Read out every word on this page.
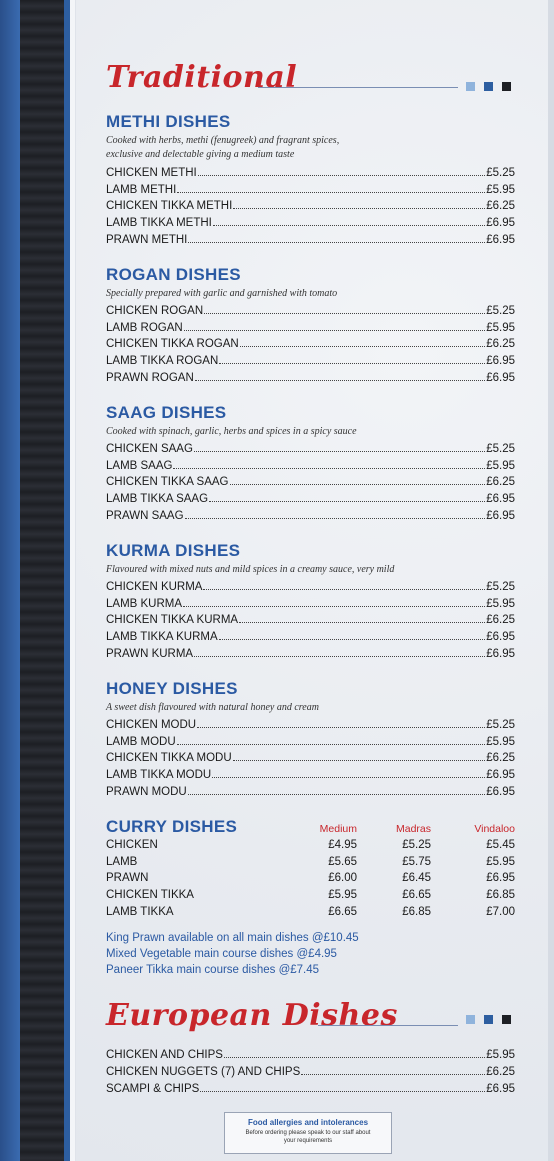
Traditional
METHI DISHES
Cooked with herbs, methi (fenugreek) and fragrant spices,
exclusive and delectable giving a medium taste
CHICKEN METHI	£5.25
LAMB METHI	£5.95
CHICKEN TIKKA METHI	£6.25
LAMB TIKKA METHI	£6.95
PRAWN METHI	£6.95
ROGAN DISHES
Specially prepared with garlic and garnished with tomato
CHICKEN ROGAN	£5.25
LAMB ROGAN	£5.95
CHICKEN TIKKA ROGAN	£6.25
LAMB TIKKA ROGAN	£6.95
PRAWN ROGAN	£6.95
SAAG DISHES
Cooked with spinach, garlic, herbs and spices in a spicy sauce
CHICKEN SAAG	£5.25
LAMB SAAG	£5.95
CHICKEN TIKKA SAAG	£6.25
LAMB TIKKA SAAG	£6.95
PRAWN SAAG	£6.95
KURMA DISHES
Flavoured with mixed nuts and mild spices in a creamy sauce, very mild
CHICKEN KURMA	£5.25
LAMB KURMA	£5.95
CHICKEN TIKKA KURMA	£6.25
LAMB TIKKA KURMA	£6.95
PRAWN KURMA	£6.95
HONEY DISHES
A sweet dish flavoured with natural honey and cream
CHICKEN MODU	£5.25
LAMB MODU	£5.95
CHICKEN TIKKA MODU	£6.25
LAMB TIKKA MODU	£6.95
PRAWN MODU	£6.95
CURRY DISHES	Medium	Madras	Vindaloo
CHICKEN	£4.95	£5.25	£5.45
LAMB	£5.65	£5.75	£5.95
PRAWN	£6.00	£6.45	£6.95
CHICKEN TIKKA	£5.95	£6.65	£6.85
LAMB TIKKA	£6.65	£6.85	£7.00
King Prawn available on all main dishes @£10.45
Mixed Vegetable main course dishes @£4.95
Paneer Tikka main course dishes @£7.45
European Dishes
CHICKEN AND CHIPS	£5.95
CHICKEN NUGGETS (7) AND CHIPS	£6.25
SCAMPI & CHIPS	£6.95
Food allergies and intolerances
Before ordering please speak to our staff about your requirements
